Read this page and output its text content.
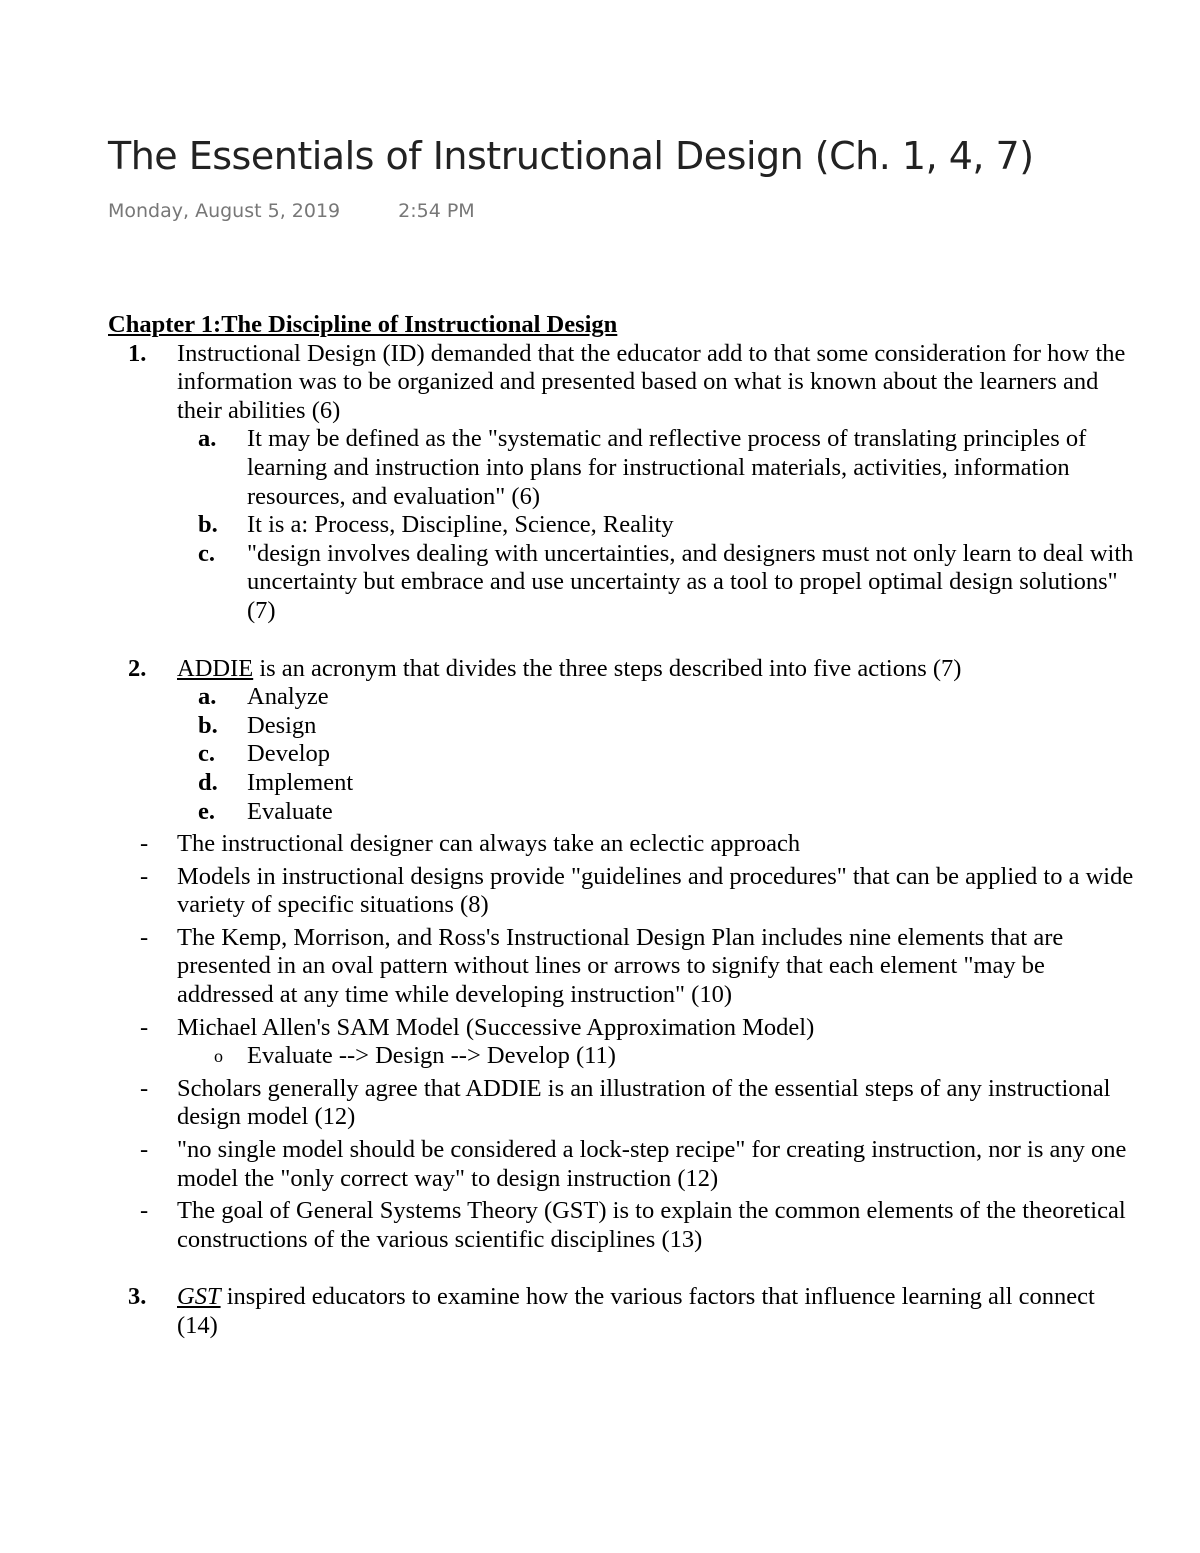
The Essentials of Instructional Design (Ch. 1, 4, 7)
Monday, August 5, 2019	2:54 PM
Chapter 1:The Discipline of Instructional Design
1. Instructional Design (ID) demanded that the educator add to that some consideration for how the information was to be organized and presented based on what is known about the learners and their abilities (6)
a. It may be defined as the "systematic and reflective process of translating principles of learning and instruction into plans for instructional materials, activities, information resources, and evaluation" (6)
b. It is a: Process, Discipline, Science, Reality
c. "design involves dealing with uncertainties, and designers must not only learn to deal with uncertainty but embrace and use uncertainty as a tool to propel optimal design solutions" (7)
2. ADDIE is an acronym that divides the three steps described into five actions (7)
a. Analyze
b. Design
c. Develop
d. Implement
e. Evaluate
- The instructional designer can always take an eclectic approach
- Models in instructional designs provide "guidelines and procedures" that can be applied to a wide variety of specific situations (8)
- The Kemp, Morrison, and Ross's Instructional Design Plan includes nine elements that are presented in an oval pattern without lines or arrows to signify that each element "may be addressed at any time while developing instruction" (10)
- Michael Allen's SAM Model (Successive Approximation Model)
o Evaluate --> Design --> Develop (11)
- Scholars generally agree that ADDIE is an illustration of the essential steps of any instructional design model (12)
- "no single model should be considered a lock-step recipe" for creating instruction, nor is any one model the "only correct way" to design instruction (12)
- The goal of General Systems Theory (GST) is to explain the common elements of the theoretical constructions of the various scientific disciplines (13)
3. GST inspired educators to examine how the various factors that influence learning all connect (14)
